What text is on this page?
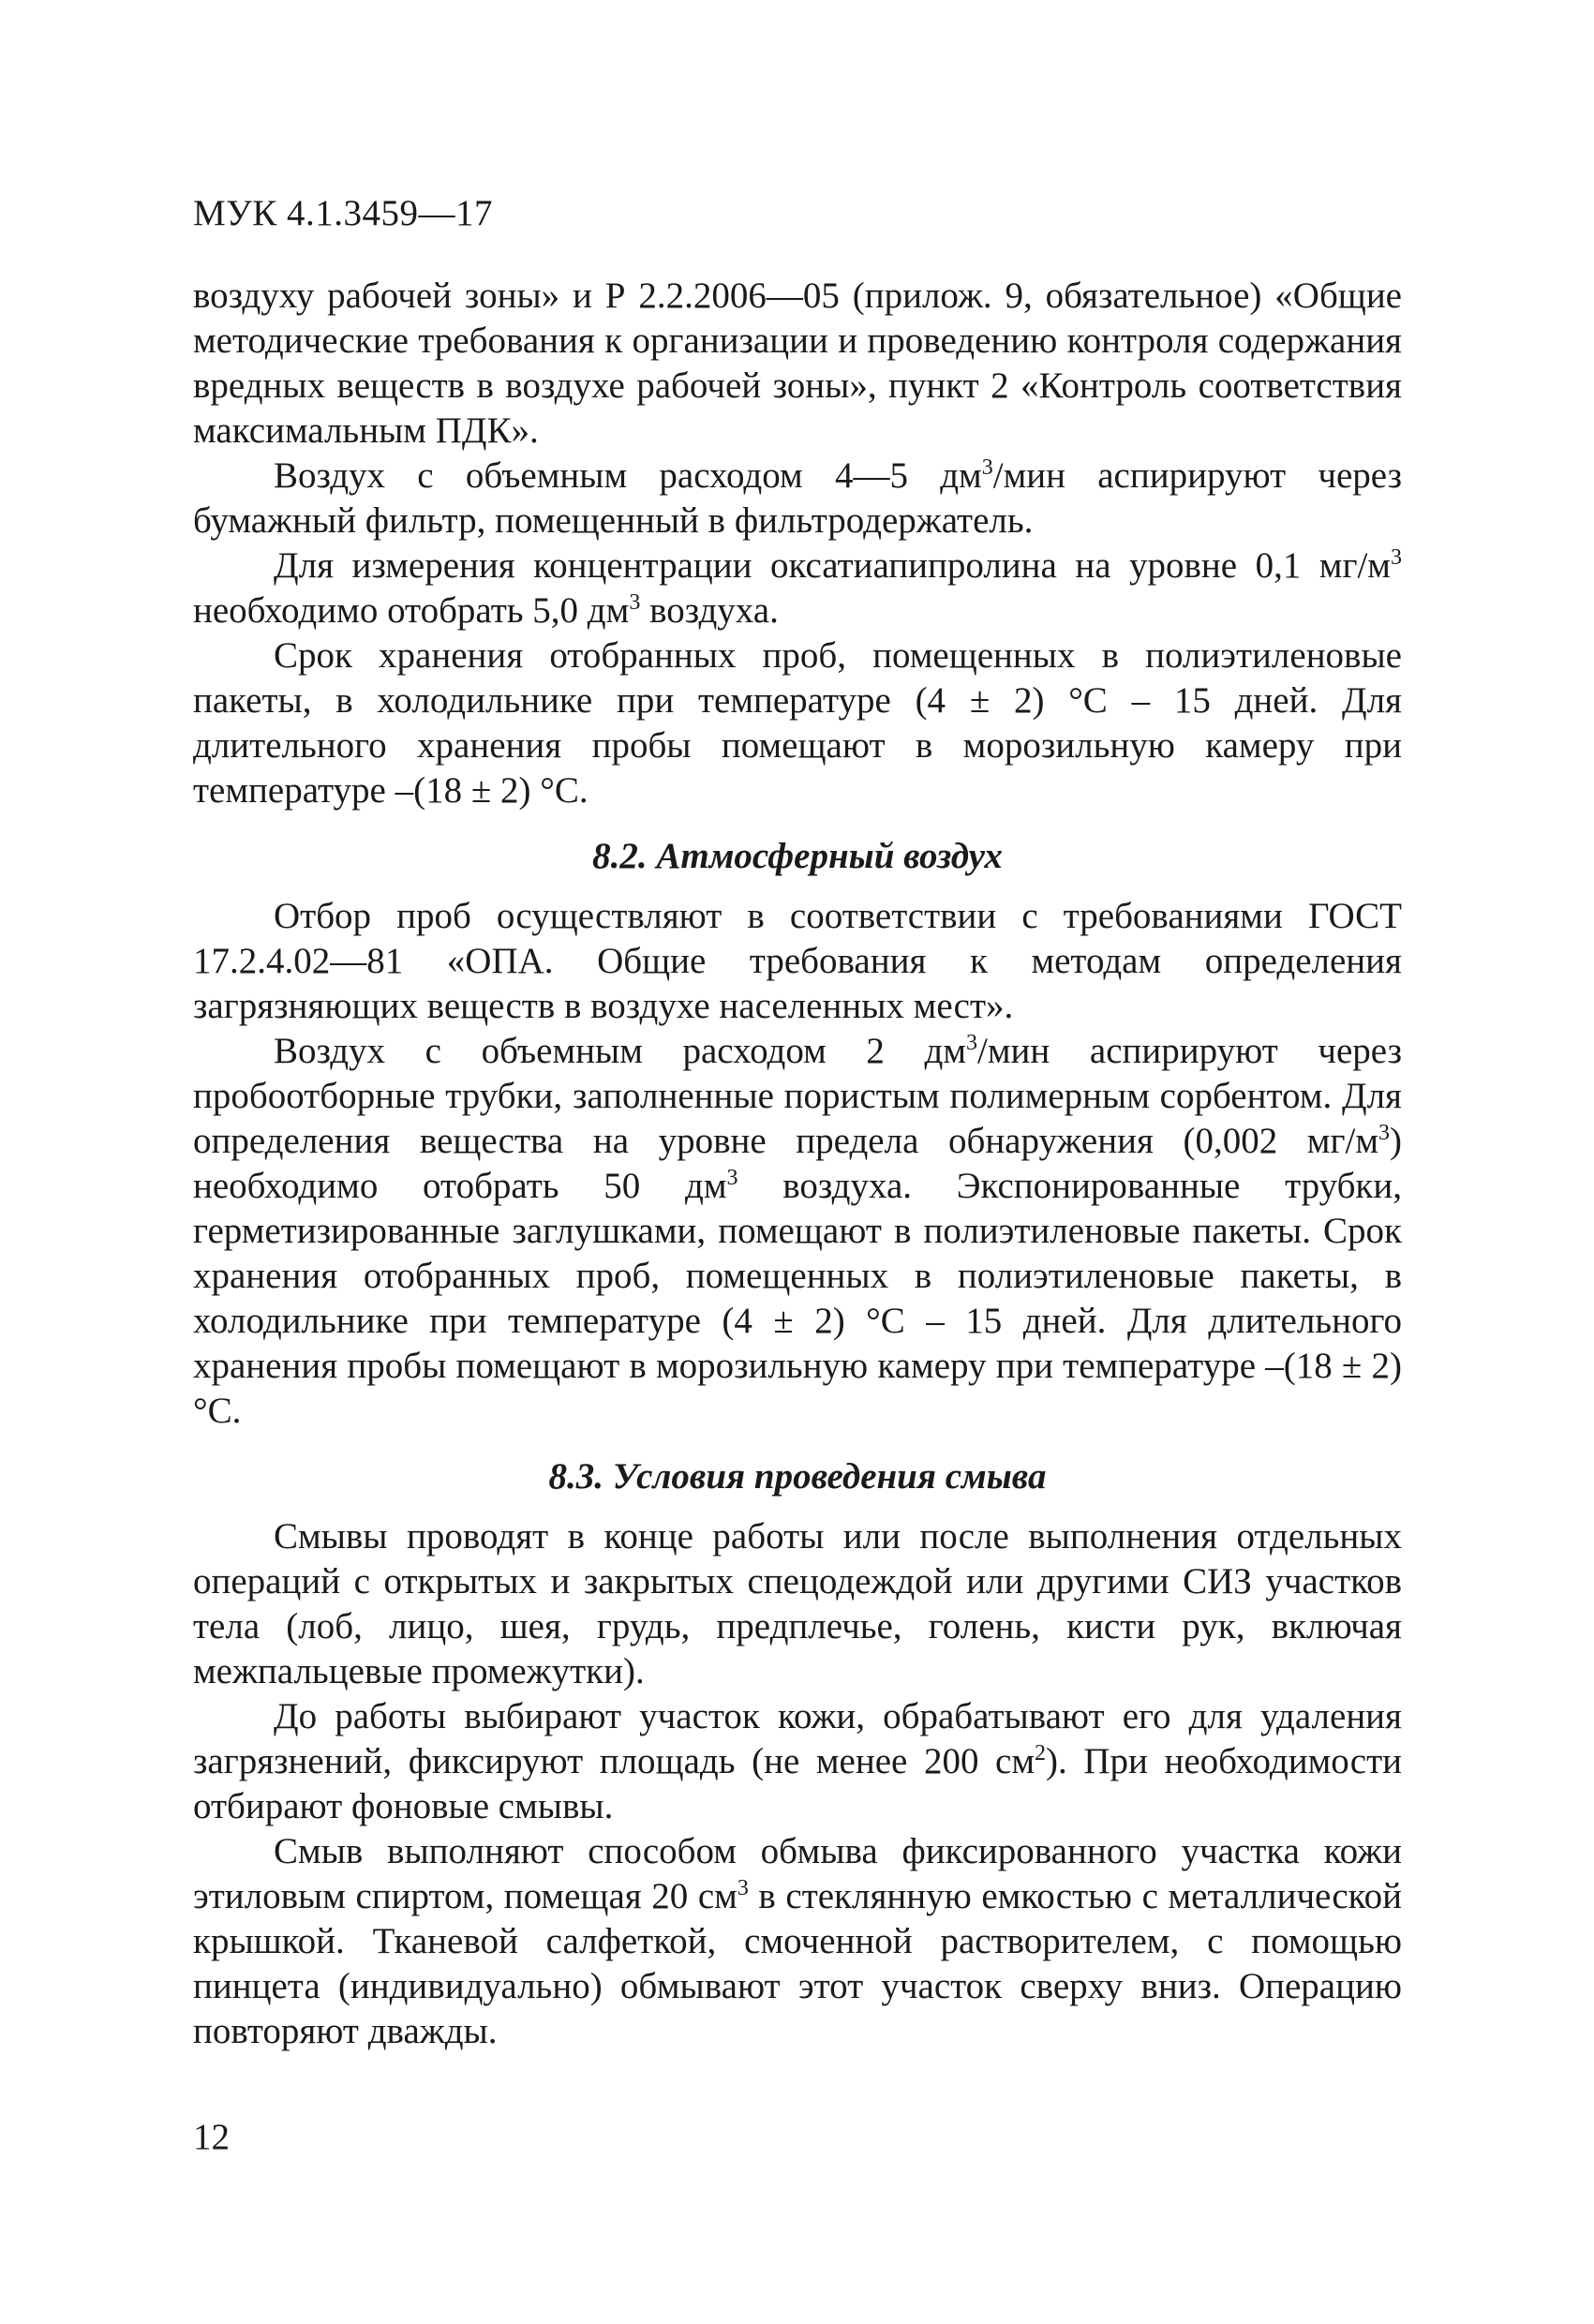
МУК 4.1.3459—17

воздуху рабочей зоны» и Р 2.2.2006—05 (прилож. 9, обязательное) «Общие методические требования к организации и проведению контроля содержания вредных веществ в воздухе рабочей зоны», пункт 2 «Контроль соответствия максимальным ПДК».

Воздух с объемным расходом 4—5 $дм^3$/мин аспирируют через бумажный фильтр, помещенный в фильтродержатель.

Для измерения концентрации оксатиапипролина на уровне 0,1 $мг/м^3$ необходимо отобрать 5,0 $дм^3$ воздуха.

Срок хранения отобранных проб, помещенных в полиэтиленовые пакеты, в холодильнике при температуре (4 ± 2) °С – 15 дней. Для длительного хранения пробы помещают в морозильную камеру при температуре –(18 ± 2) °С.

8.2. Атмосферный воздух

Отбор проб осуществляют в соответствии с требованиями ГОСТ 17.2.4.02—81 «ОПА. Общие требования к методам определения загрязняющих веществ в воздухе населенных мест».

Воздух с объемным расходом 2 $дм^3$/мин аспирируют через пробоотборные трубки, заполненные пористым полимерным сорбентом. Для определения вещества на уровне предела обнаружения (0,002 $мг/м^3$) необходимо отобрать 50 $дм^3$ воздуха. Экспонированные трубки, герметизированные заглушками, помещают в полиэтиленовые пакеты. Срок хранения отобранных проб, помещенных в полиэтиленовые пакеты, в холодильнике при температуре (4 ± 2) °С – 15 дней. Для длительного хранения пробы помещают в морозильную камеру при температуре –(18 ± 2) °С.

8.3. Условия проведения смыва

Смывы проводят в конце работы или после выполнения отдельных операций с открытых и закрытых спецодеждой или другими СИЗ участков тела (лоб, лицо, шея, грудь, предплечье, голень, кисти рук, включая межпальцевые промежутки).

До работы выбирают участок кожи, обрабатывают его для удаления загрязнений, фиксируют площадь (не менее 200 $см^2$). При необходимости отбирают фоновые смывы.

Смыв выполняют способом обмыва фиксированного участка кожи этиловым спиртом, помещая 20 $см^3$ в стеклянную емкостью с металлической крышкой. Тканевой салфеткой, смоченной растворителем, с помощью пинцета (индивидуально) обмывают этот участок сверху вниз. Операцию повторяют дважды.

12
